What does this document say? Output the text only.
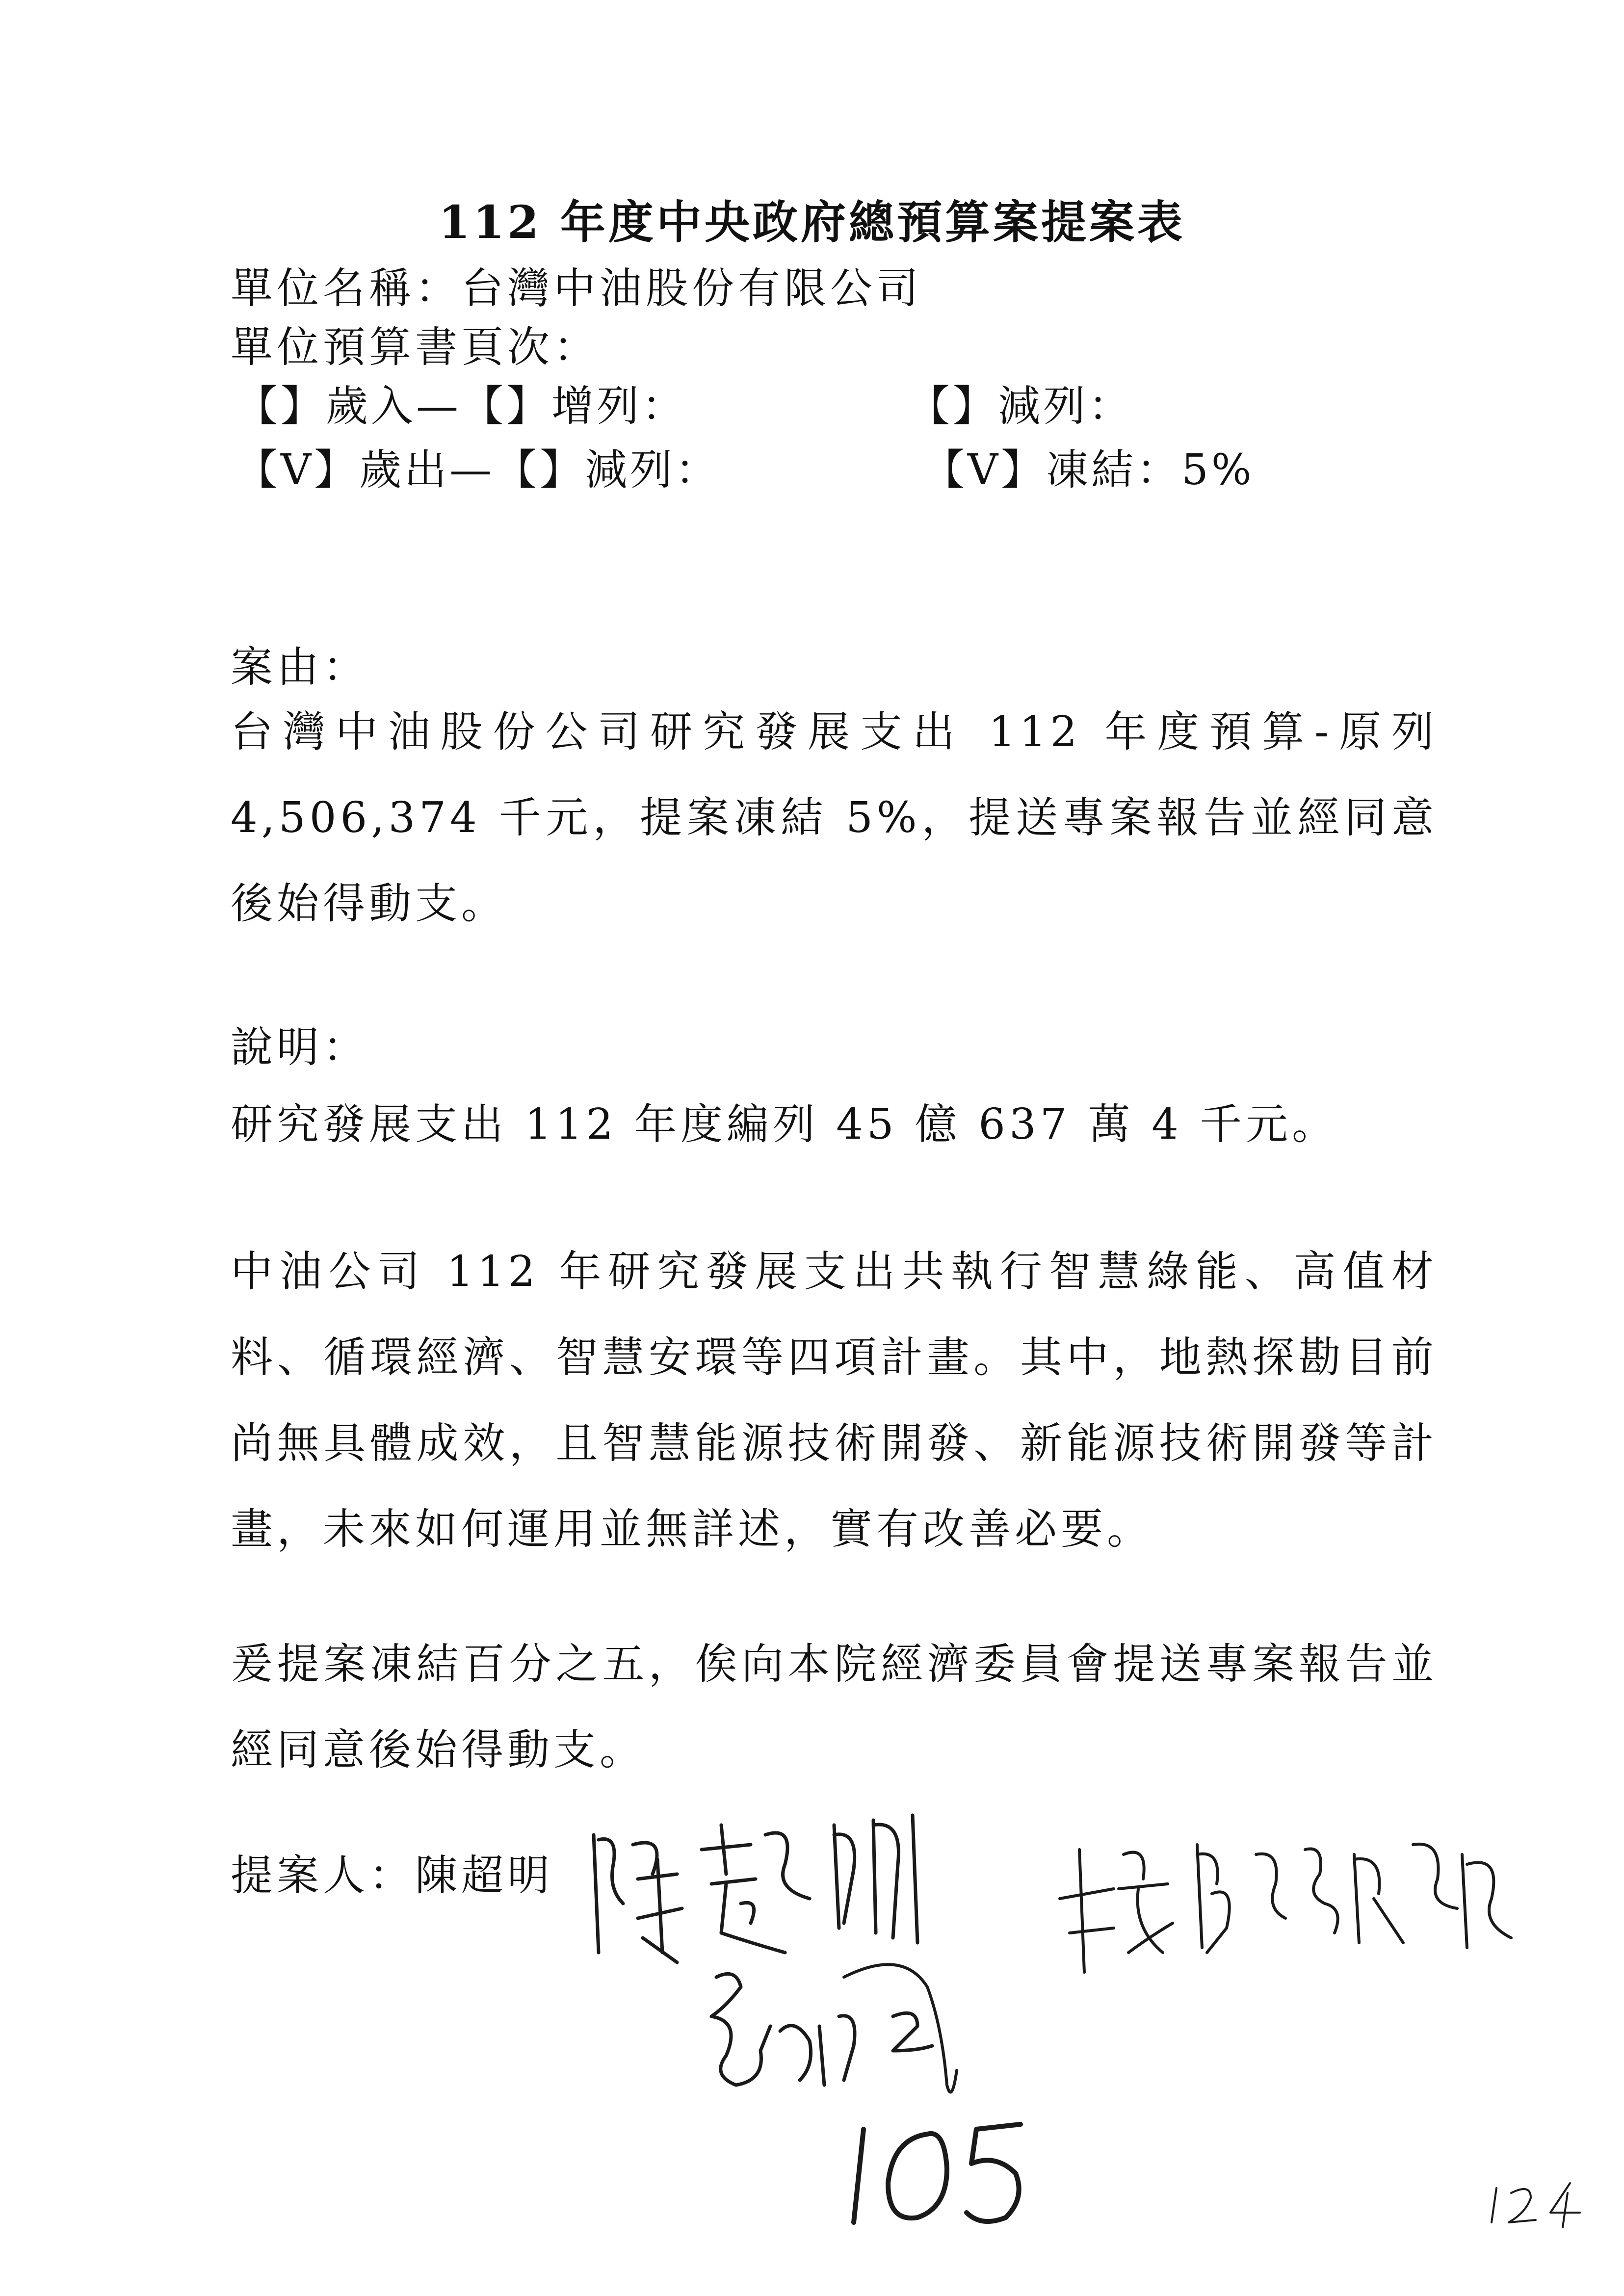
112 年度中央政府總預算案提案表
單位名稱：台灣中油股份有限公司
單位預算書頁次：
【】歲入—【】增列：	【】減列：
【V】歲出—【】減列：	【V】凍結：5%
案由：
台灣中油股份公司研究發展支出 112 年度預算-原列 4,506,374 千元，提案凍結 5%，提送專案報告並經同意後始得動支。
說明：
研究發展支出 112 年度編列 45 億 637 萬 4 千元。
中油公司 112 年研究發展支出共執行智慧綠能、高值材料、循環經濟、智慧安環等四項計畫。其中，地熱探勘目前尚無具體成效，且智慧能源技術開發、新能源技術開發等計畫，未來如何運用並無詳述，實有改善必要。
爰提案凍結百分之五，俟向本院經濟委員會提送專案報告並經同意後始得動支。
提案人：陳超明
